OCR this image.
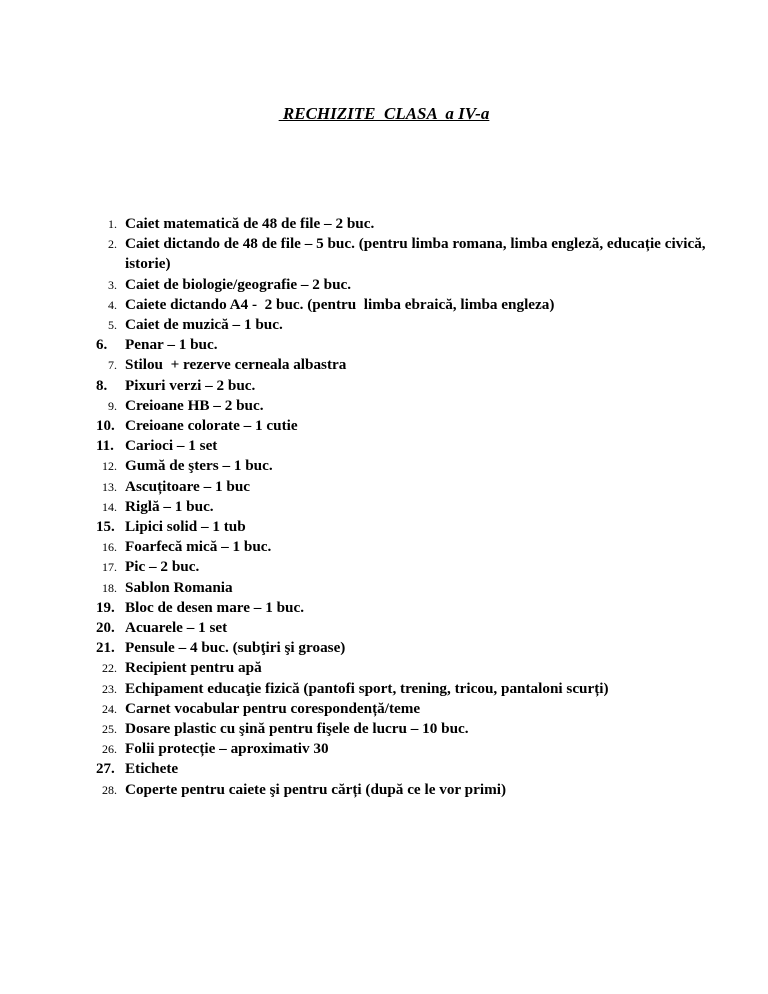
RECHIZITE  CLASA  a IV-a
1. Caiet matematică de 48 de file – 2 buc.
2. Caiet dictando de 48 de file – 5 buc. (pentru limba romana, limba engleză, educație civică, istorie)
3. Caiet de biologie/geografie – 2 buc.
4. Caiete dictando A4 -  2 buc. (pentru  limba ebraică, limba engleza)
5. Caiet de muzică – 1 buc.
6.	Penar – 1 buc.
7. Stilou  + rezerve cerneala albastra
8.	Pixuri verzi – 2 buc.
9. Creioane HB – 2 buc.
10. Creioane colorate – 1 cutie
11. Carioci – 1 set
12. Gumă de şters – 1 buc.
13. Ascuțitoare – 1 buc
14. Riglă – 1 buc.
15. Lipici solid – 1 tub
16. Foarfecă mică – 1 buc.
17. Pic – 2 buc.
18. Sablon Romania
19. Bloc de desen mare – 1 buc.
20. Acuarele – 1 set
21. Pensule – 4 buc. (subţiri şi groase)
22. Recipient pentru apă
23. Echipament educaţie fizică (pantofi sport, trening, tricou, pantaloni scurți)
24. Carnet vocabular pentru corespondență/teme
25. Dosare plastic cu şină pentru fişele de lucru – 10 buc.
26. Folii protecție – aproximativ 30
27. Etichete
28. Coperte pentru caiete şi pentru cărți (după ce le vor primi)
